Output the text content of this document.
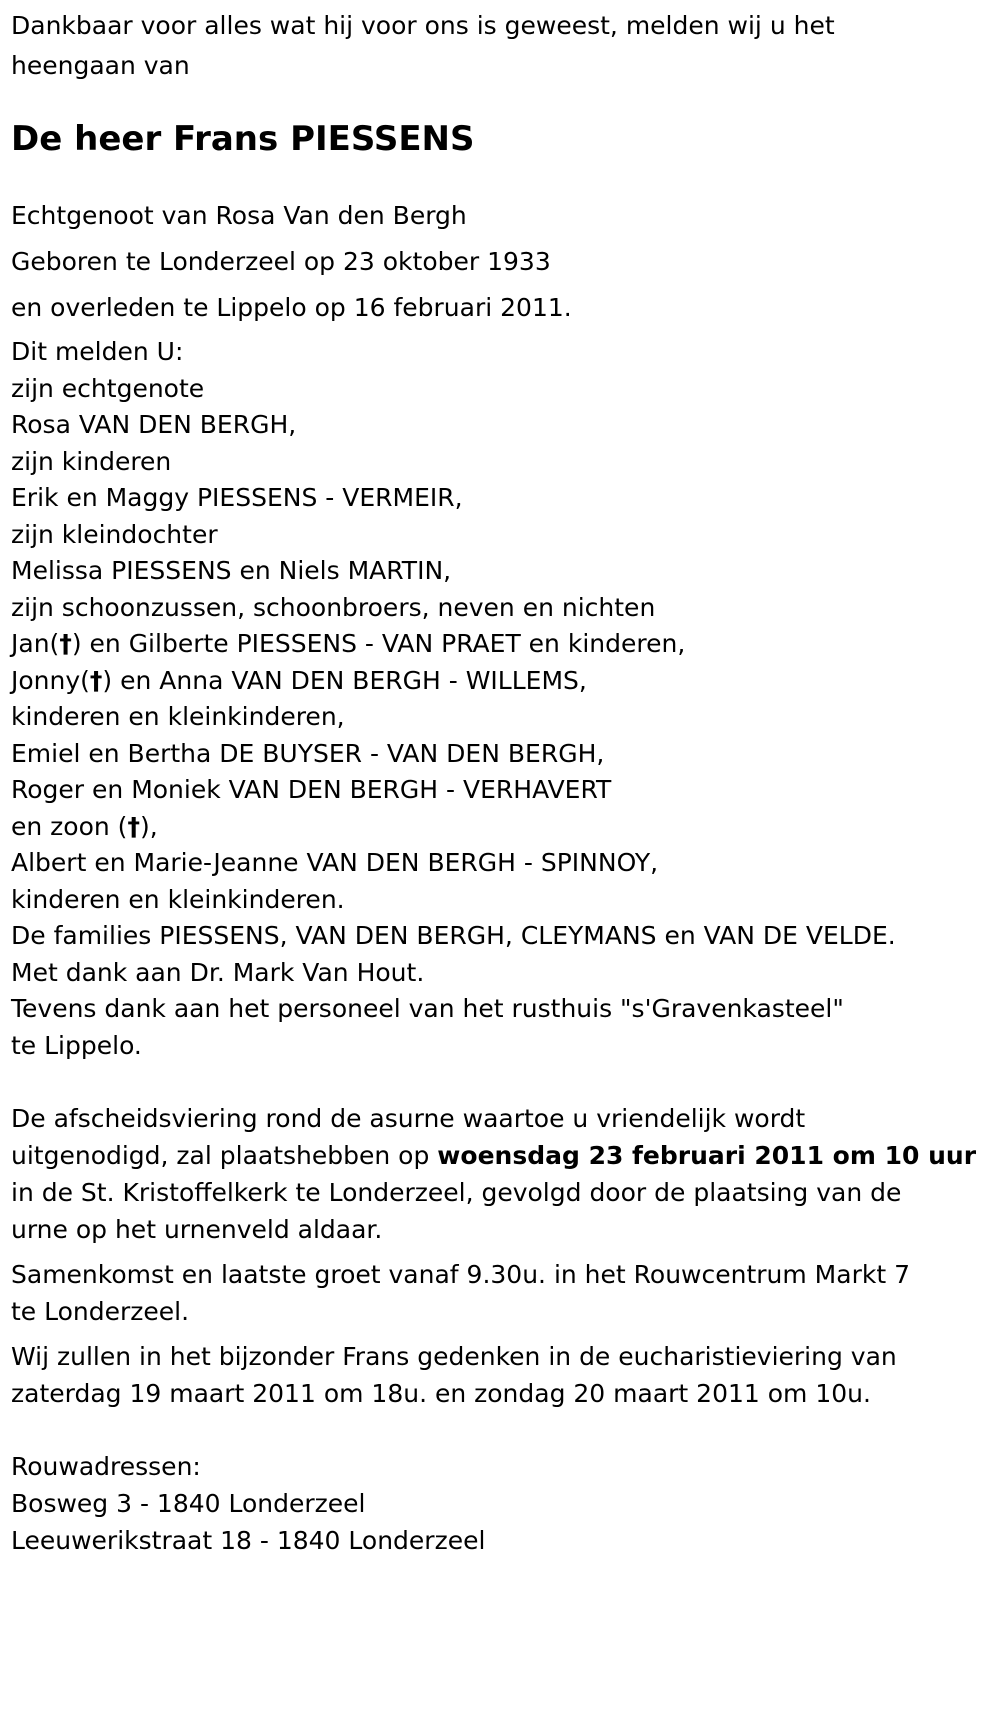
Dankbaar voor alles wat hij voor ons is geweest, melden wij u het

heengaan van

De heer Frans PIESSENS

Echtgenoot van Rosa Van den Bergh

Geboren te Londerzeel op 23 oktober 1933

en overleden te Lippelo op 16 februari 2011.

Dit melden U:

zijn echtgenote

Rosa VAN DEN BERGH,

zijn kinderen

Erik en Maggy PIESSENS - VERMEIR,

zijn kleindochter

Melissa PIESSENS en Niels MARTIN,

zijn schoonzussen, schoonbroers, neven en nichten

Jan(†) en Gilberte PIESSENS - VAN PRAET en kinderen,

Jonny(†) en Anna VAN DEN BERGH - WILLEMS,

kinderen en kleinkinderen,

Emiel en Bertha DE BUYSER - VAN DEN BERGH,

Roger en Moniek VAN DEN BERGH - VERHAVERT

en zoon (†),

Albert en Marie-Jeanne VAN DEN BERGH - SPINNOY,

kinderen en kleinkinderen.

De families PIESSENS, VAN DEN BERGH, CLEYMANS en VAN DE VELDE.

Met dank aan Dr. Mark Van Hout.

Tevens dank aan het personeel van het rusthuis "s'Gravenkasteel" te Lippelo.

De afscheidsviering rond de asurne waartoe u vriendelijk wordt

uitgenodigd, zal plaatshebben op woensdag 23 februari 2011 om 10 uur

in de St. Kristoffelkerk te Londerzeel, gevolgd door de plaatsing van de urne op het urnenveld aldaar.

Samenkomst en laatste groet vanaf 9.30u. in het Rouwcentrum Markt 7 te Londerzeel.

Wij zullen in het bijzonder Frans gedenken in de eucharistieviering van zaterdag 19 maart 2011 om 18u. en zondag 20 maart 2011 om 10u.

Rouwadressen:

Bosweg 3 - 1840 Londerzeel

Leeuwerikstraat 18 - 1840 Londerzeel
